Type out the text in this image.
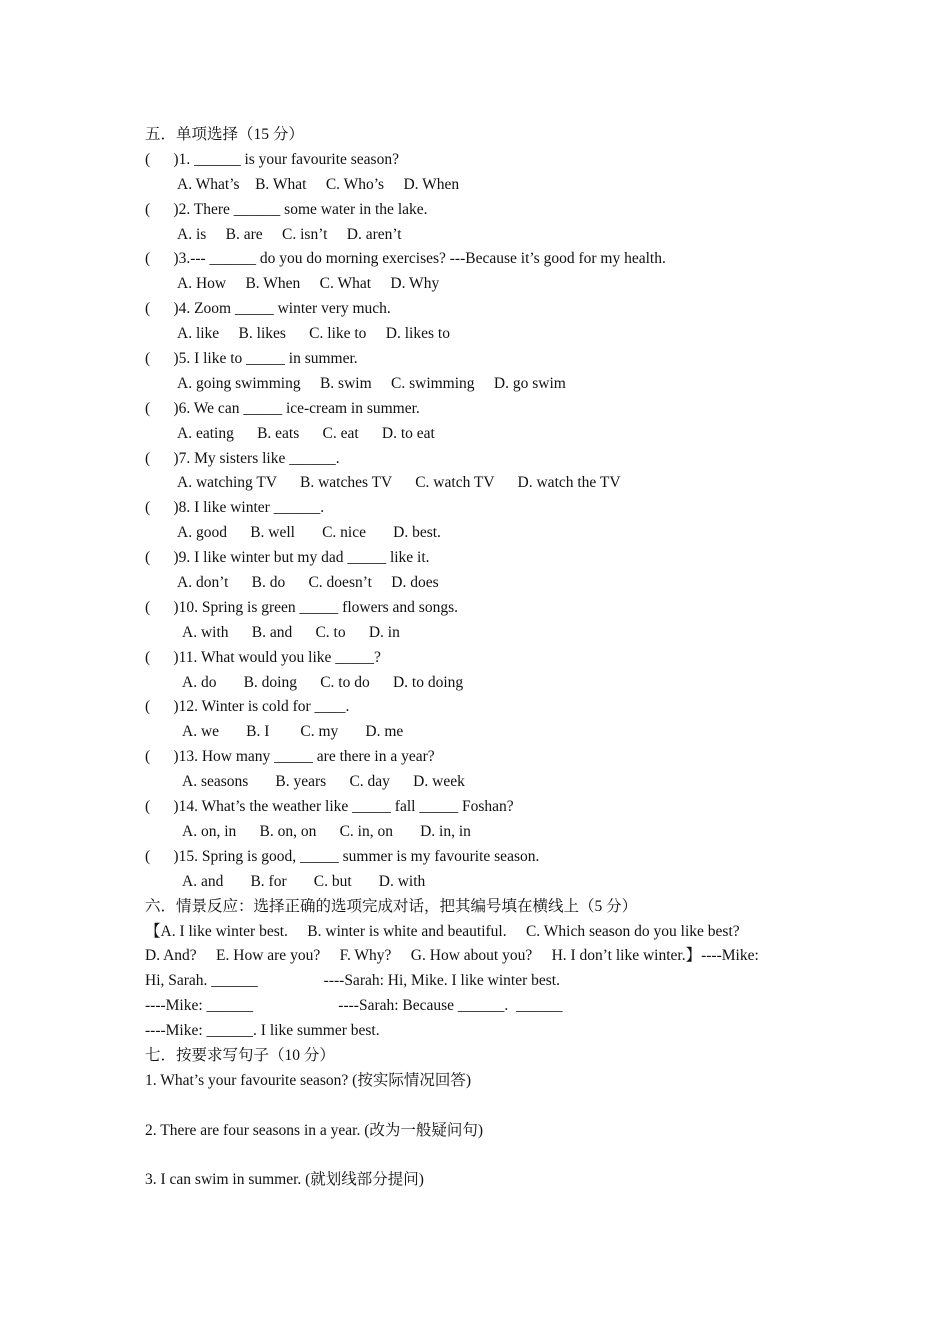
五．单项选择（15 分）
(      )1. ______ is your favourite season?
A. What’s    B. What     C. Who’s     D. When
(      )2. There ______ some water in the lake.
A. is     B. are     C. isn’t     D. aren’t
(      )3.--- ______ do you do morning exercises? ---Because it’s good for my health.
A. How     B. When     C. What     D. Why
(      )4. Zoom _____ winter very much.
A. like     B. likes      C. like to     D. likes to
(      )5. I like to _____ in summer.
A. going swimming     B. swim     C. swimming     D. go swim
(      )6. We can _____ ice-cream in summer.
A. eating      B. eats      C. eat      D. to eat
(      )7. My sisters like ______.
A. watching TV      B. watches TV      C. watch TV      D. watch the TV
(      )8. I like winter ______.
A. good      B. well       C. nice       D. best.
(      )9. I like winter but my dad _____ like it.
A. don’t      B. do      C. doesn’t     D. does
(      )10. Spring is green _____ flowers and songs.
A. with      B. and      C. to      D. in
(      )11. What would you like _____?
A. do       B. doing      C. to do      D. to doing
(      )12. Winter is cold for ____.
A. we       B. I        C. my       D. me
(      )13. How many _____ are there in a year?
A. seasons       B. years      C. day      D. week
(      )14. What’s the weather like _____ fall _____ Foshan?
A. on, in      B. on, on      C. in, on       D. in, in
(      )15. Spring is good, _____ summer is my favourite season.
A. and       B. for       C. but       D. with
六．情景反应：选择正确的选项完成对话，把其编号填在横线上（5 分）
【A. I like winter best.     B. winter is white and beautiful.     C. Which season do you like best?
D. And?     E. How are you?     F. Why?     G. How about you?     H. I don’t like winter.】----Mike:
Hi, Sarah. ______                 ----Sarah: Hi, Mike. I like winter best.
----Mike: ______                      ----Sarah: Because ______.  ______
----Mike: ______. I like summer best.
七．按要求写句子（10 分）
1. What’s your favourite season? (按实际情况回答)
2. There are four seasons in a year. (改为一般疑问句)
3. I can swim in summer. (就划线部分提问)
